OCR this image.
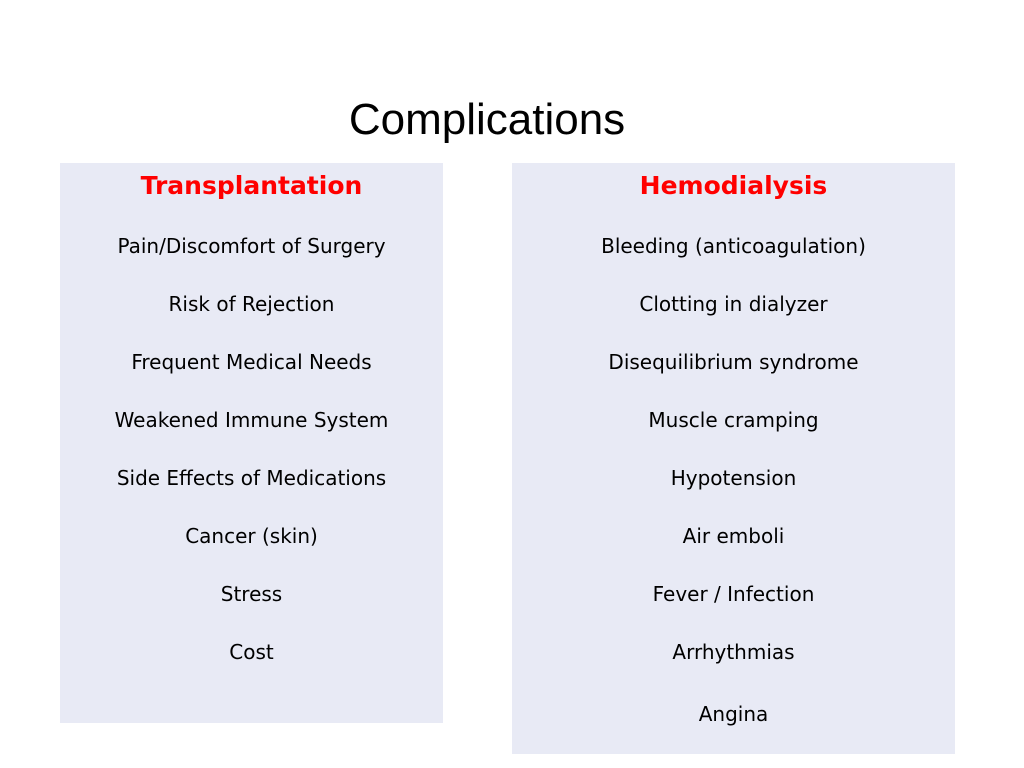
Complications
Transplantation
Pain/Discomfort of Surgery
Risk of Rejection
Frequent Medical Needs
Weakened Immune System
Side Effects of Medications
Cancer (skin)
Stress
Cost
Hemodialysis
Bleeding (anticoagulation)
Clotting in dialyzer
Disequilibrium syndrome
Muscle cramping
Hypotension
Air emboli
Fever / Infection
Arrhythmias
Angina
